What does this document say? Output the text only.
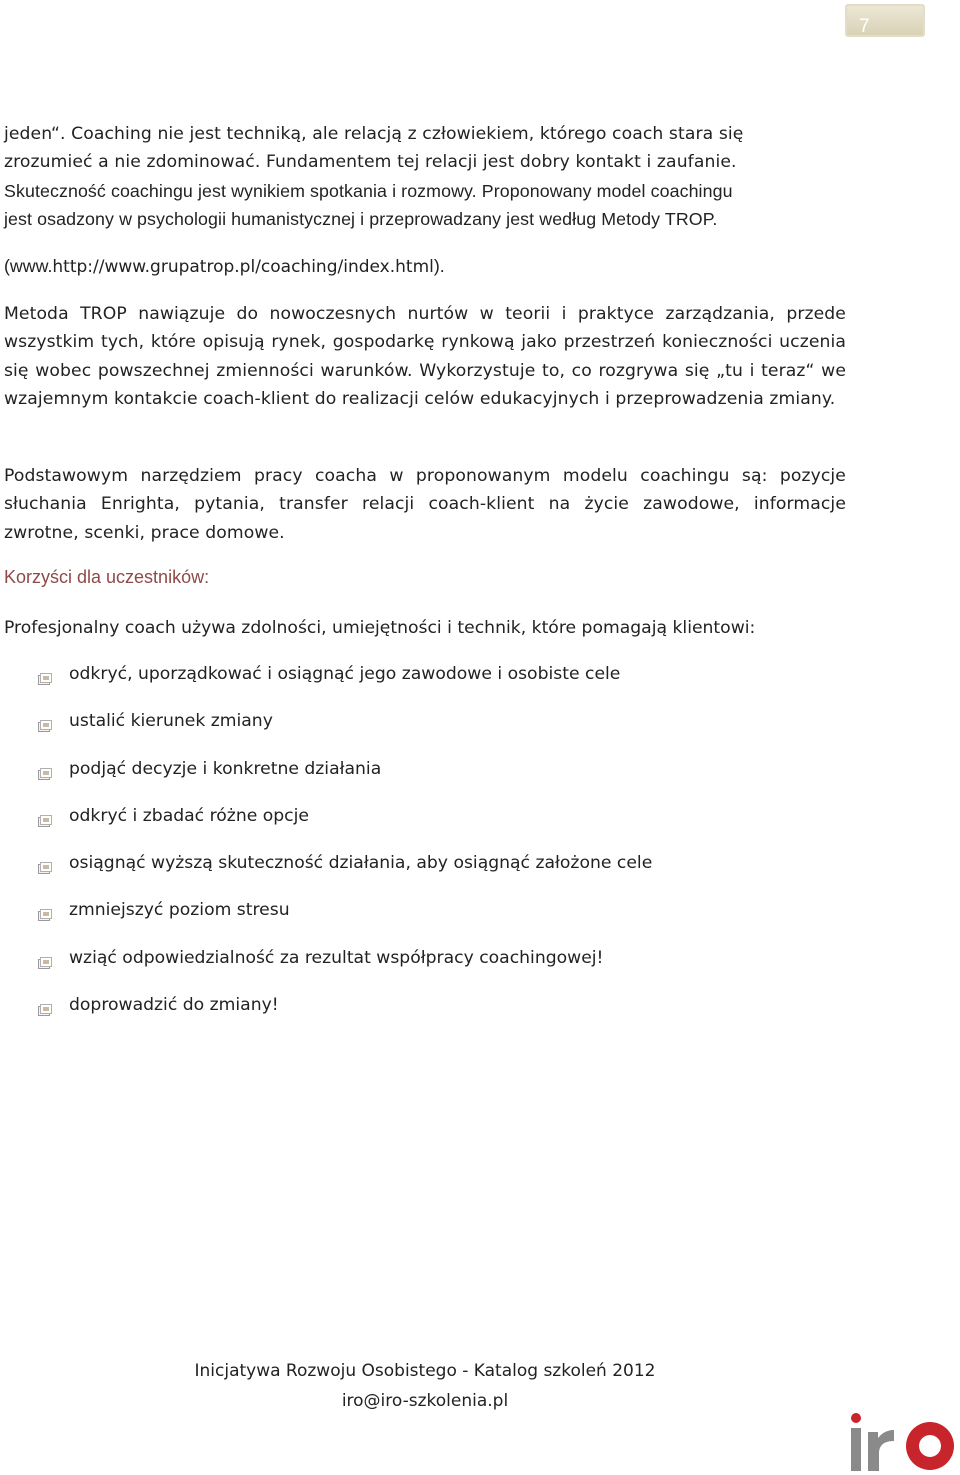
7

jeden“. Coaching nie jest techniką, ale relacją z człowiekiem, którego coach stara się

zrozumieć a nie zdominować. Fundamentem tej relacji jest dobry kontakt i zaufanie.

Skuteczność coachingu jest wynikiem spotkania i rozmowy. Proponowany model coachingu

jest osadzony w psychologii humanistycznej i przeprowadzany jest według Metody TROP.

(www.http://www.grupatrop.pl/coaching/index.html).

Metoda TROP nawiązuje do nowoczesnych nurtów w teorii i praktyce zarządzania, przede wszystkim tych, które opisują rynek, gospodarkę rynkową jako przestrzeń konieczności uczenia się wobec powszechnej zmienności warunków. Wykorzystuje to, co rozgrywa się „tu i teraz“ we wzajemnym kontakcie coach-klient do realizacji celów edukacyjnych i przeprowadzenia zmiany.

Podstawowym narzędziem pracy coacha w proponowanym modelu coachingu są: pozycje słuchania Enrighta, pytania, transfer relacji coach-klient na życie zawodowe, informacje zwrotne, scenki, prace domowe.

Korzyści dla uczestników:

Profesjonalny coach używa zdolności, umiejętności i technik, które pomagają klientowi:

odkryć, uporządkować i osiągnąć jego zawodowe i osobiste cele
ustalić kierunek zmiany
podjąć decyzje i konkretne działania
odkryć i zbadać różne opcje
osiągnąć wyższą skuteczność działania, aby osiągnąć założone cele
zmniejszyć poziom stresu
wziąć odpowiedzialność za rezultat współpracy coachingowej!
doprowadzić do zmiany!

Inicjatywa Rozwoju Osobistego - Katalog szkoleń 2012

iro@iro-szkolenia.pl
